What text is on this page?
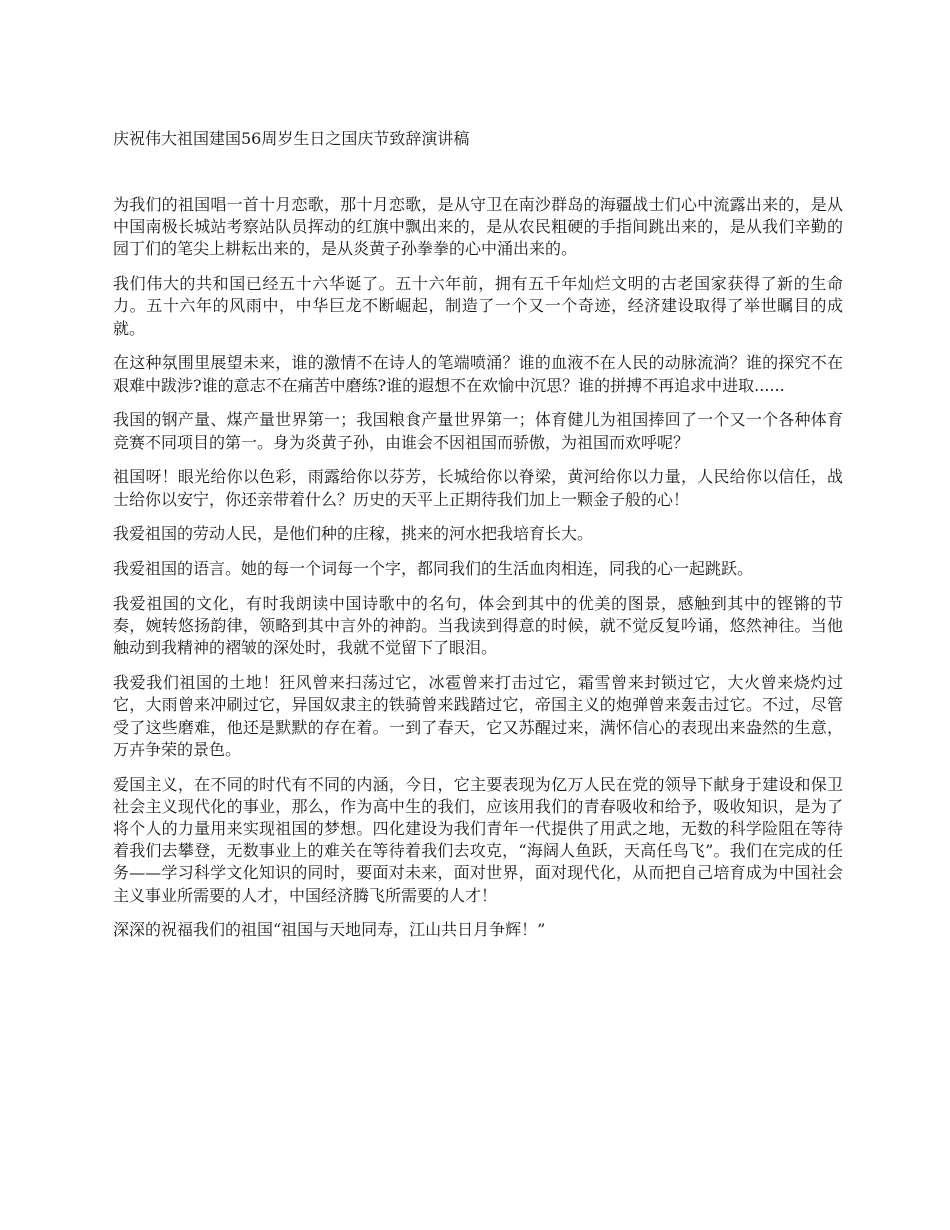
庆祝伟大祖国建国56周岁生日之国庆节致辞演讲稿

为我们的祖国唱一首十月恋歌，那十月恋歌，是从守卫在南沙群岛的海疆战士们心中流露出来的，是从中国南极长城站考察站队员挥动的红旗中飘出来的，是从农民粗硬的手指间跳出来的，是从我们辛勤的园丁们的笔尖上耕耘出来的，是从炎黄子孙拳拳的心中涌出来的。

我们伟大的共和国已经五十六华诞了。五十六年前，拥有五千年灿烂文明的古老国家获得了新的生命力。五十六年的风雨中，中华巨龙不断崛起，制造了一个又一个奇迹，经济建设取得了举世瞩目的成就。

在这种氛围里展望未来，谁的激情不在诗人的笔端喷涌？谁的血液不在人民的动脉流淌？谁的探究不在艰难中跋涉?谁的意志不在痛苦中磨练?谁的遐想不在欢愉中沉思？谁的拼搏不再追求中进取......

我国的钢产量、煤产量世界第一；我国粮食产量世界第一；体育健儿为祖国捧回了一个又一个各种体育竞赛不同项目的第一。身为炎黄子孙，由谁会不因祖国而骄傲，为祖国而欢呼呢？

祖国呀！眼光给你以色彩，雨露给你以芬芳，长城给你以脊梁，黄河给你以力量，人民给你以信任，战士给你以安宁，你还亲带着什么？历史的天平上正期待我们加上一颗金子般的心！

我爱祖国的劳动人民，是他们种的庄稼，挑来的河水把我培育长大。

我爱祖国的语言。她的每一个词每一个字，都同我们的生活血肉相连，同我的心一起跳跃。

我爱祖国的文化，有时我朗读中国诗歌中的名句，体会到其中的优美的图景，感触到其中的铿锵的节奏，婉转悠扬韵律，领略到其中言外的神韵。当我读到得意的时候，就不觉反复吟诵，悠然神往。当他触动到我精神的褶皱的深处时，我就不觉留下了眼泪。

我爱我们祖国的土地！狂风曾来扫荡过它，冰雹曾来打击过它，霜雪曾来封锁过它，大火曾来烧灼过它，大雨曾来冲刷过它，异国奴隶主的铁骑曾来践踏过它，帝国主义的炮弹曾来轰击过它。不过，尽管受了这些磨难，他还是默默的存在着。一到了春天，它又苏醒过来，满怀信心的表现出来盎然的生意，万卉争荣的景色。

爱国主义，在不同的时代有不同的内涵，今日，它主要表现为亿万人民在党的领导下献身于建设和保卫社会主义现代化的事业，那么，作为高中生的我们，应该用我们的青春吸收和给予，吸收知识，是为了将个人的力量用来实现祖国的梦想。四化建设为我们青年一代提供了用武之地，无数的科学险阻在等待着我们去攀登，无数事业上的难关在等待着我们去攻克，“海阔人鱼跃，天高任鸟飞”。我们在完成的任务——学习科学文化知识的同时，要面对未来，面对世界，面对现代化，从而把自己培育成为中国社会主义事业所需要的人才，中国经济腾飞所需要的人才！

深深的祝福我们的祖国“祖国与天地同寿，江山共日月争辉！”
